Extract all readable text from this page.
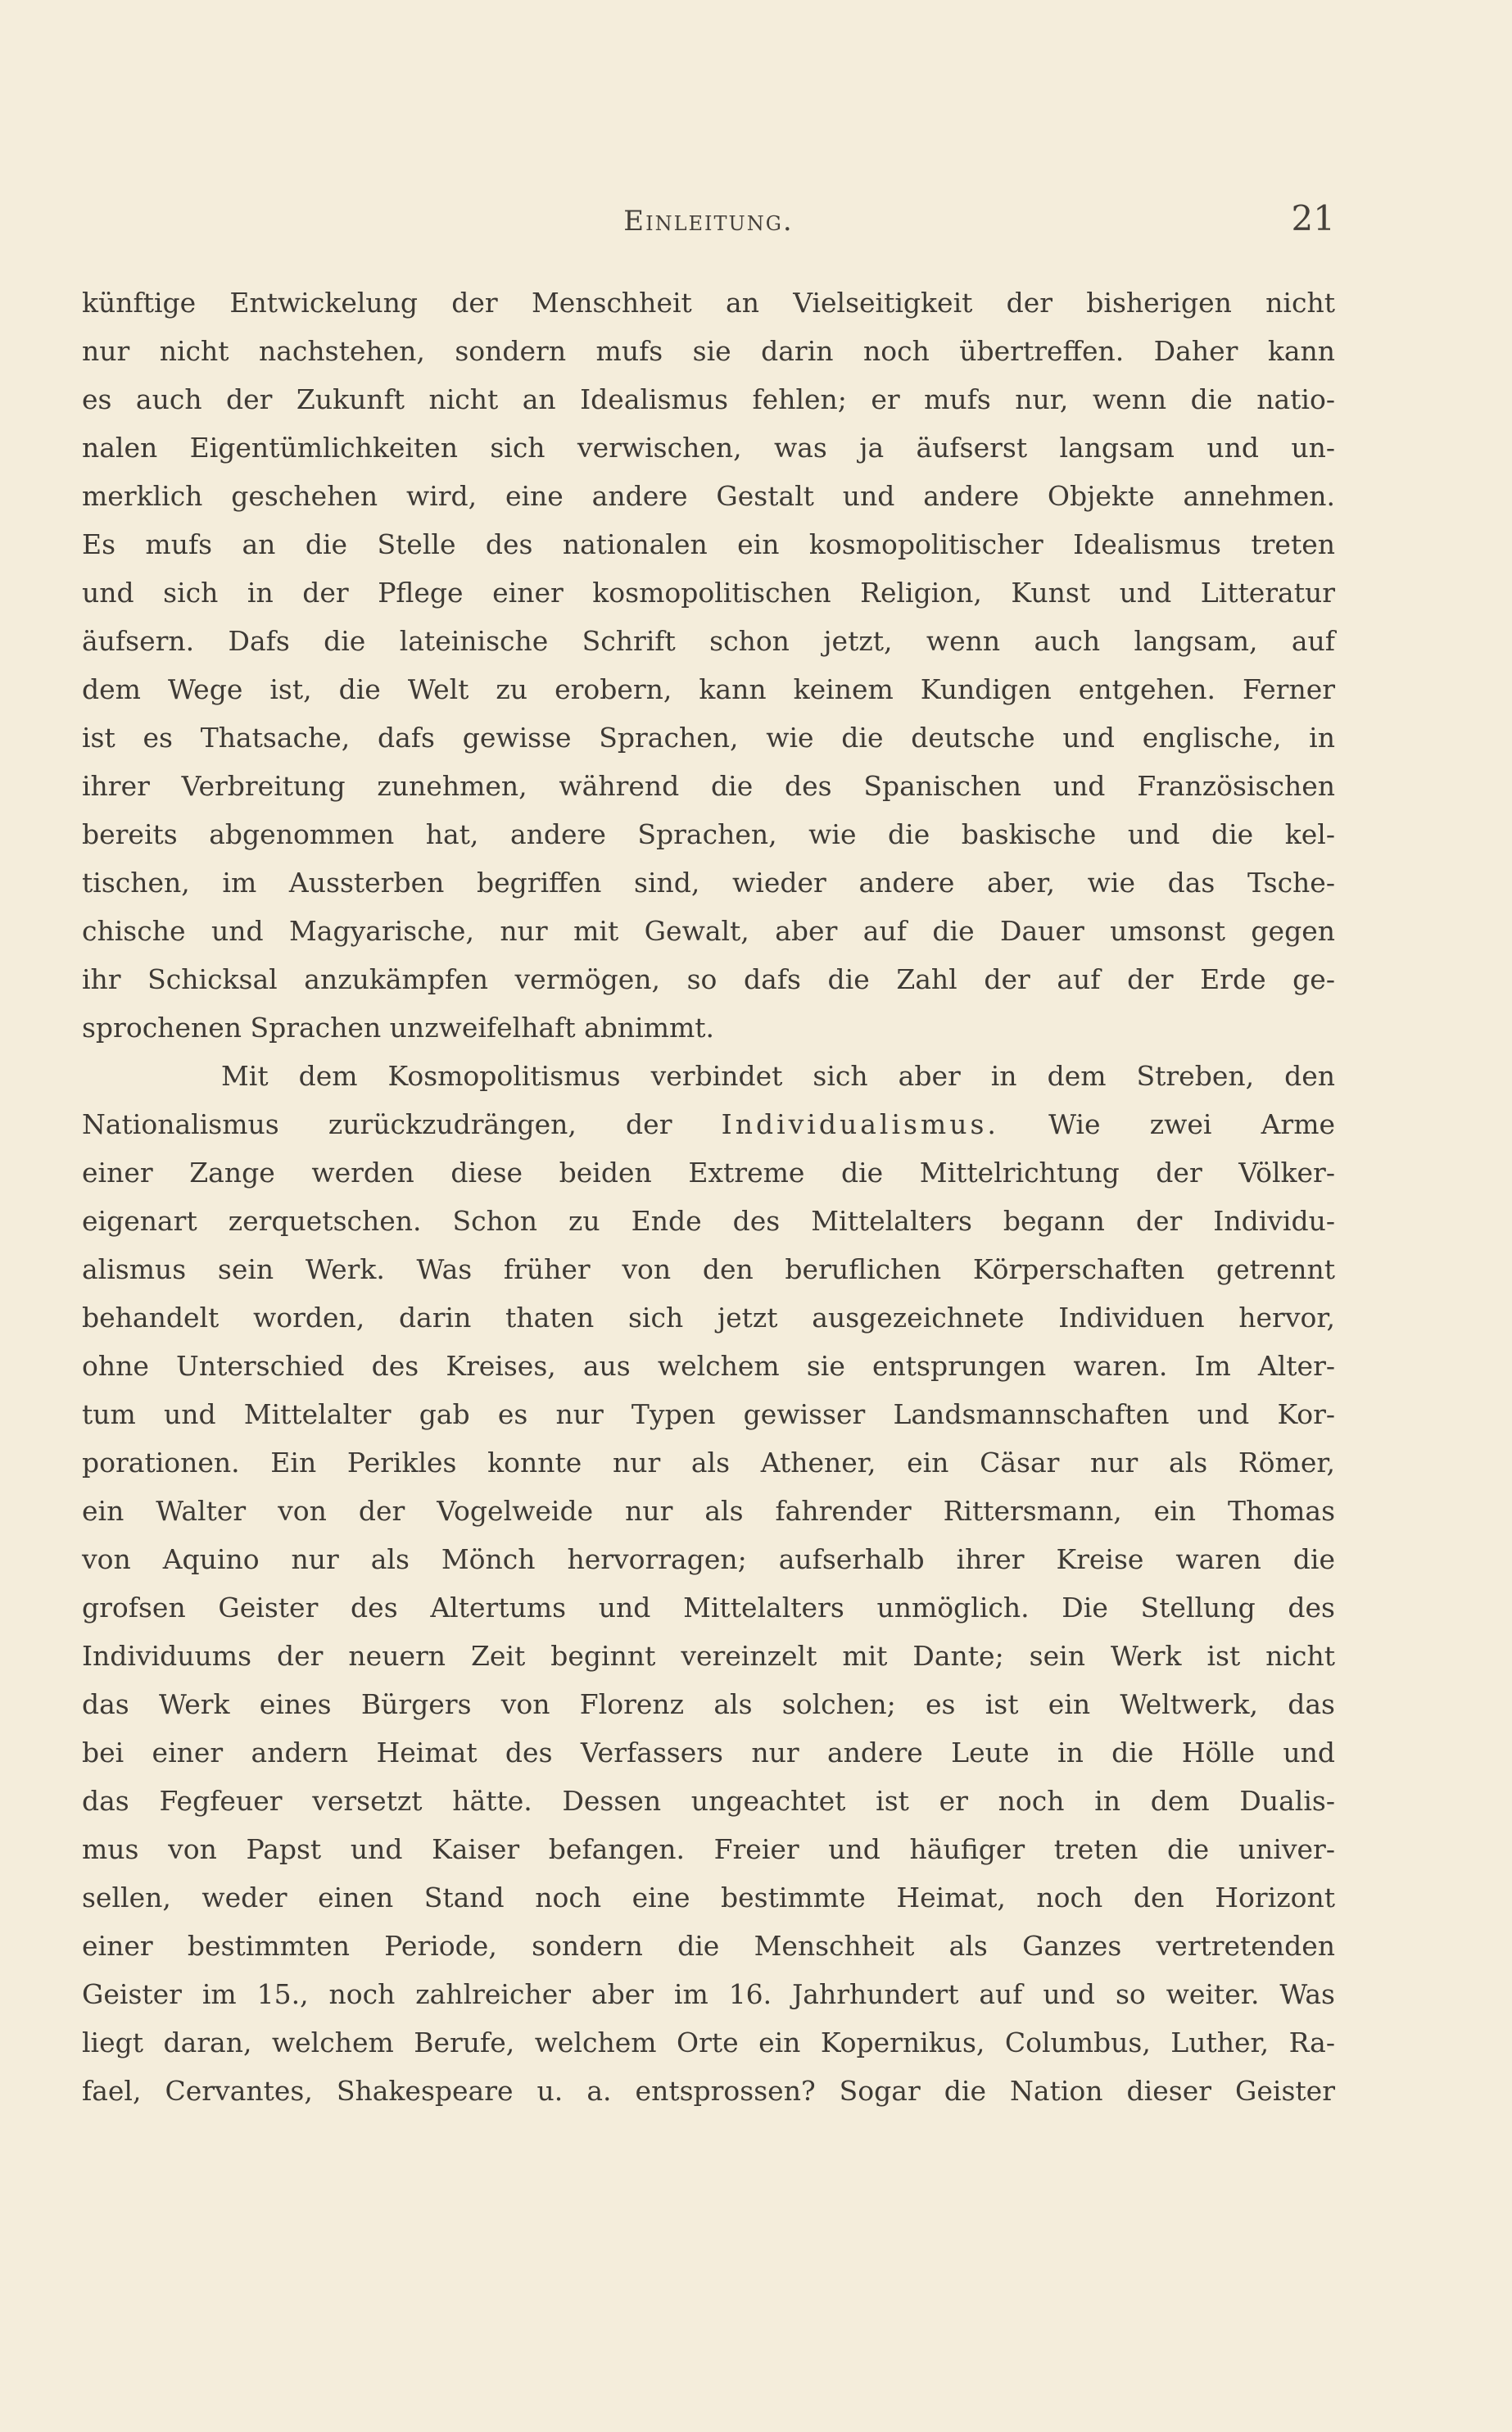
Einleitung.	21
künftige Entwickelung der Menschheit an Vielseitigkeit der bisherigen nicht
nur nicht nachstehen, sondern mufs sie darin noch übertreffen. Daher kann
es auch der Zukunft nicht an Idealismus fehlen; er mufs nur, wenn die natio-
nalen Eigentümlichkeiten sich verwischen, was ja äufserst langsam und un-
merklich geschehen wird, eine andere Gestalt und andere Objekte annehmen.
Es mufs an die Stelle des nationalen ein kosmopolitischer Idealismus treten
und sich in der Pflege einer kosmopolitischen Religion, Kunst und Litteratur
äufsern. Dafs die lateinische Schrift schon jetzt, wenn auch langsam, auf
dem Wege ist, die Welt zu erobern, kann keinem Kundigen entgehen. Ferner
ist es Thatsache, dafs gewisse Sprachen, wie die deutsche und englische, in
ihrer Verbreitung zunehmen, während die des Spanischen und Französischen
bereits abgenommen hat, andere Sprachen, wie die baskische und die kel-
tischen, im Aussterben begriffen sind, wieder andere aber, wie das Tsche-
chische und Magyarische, nur mit Gewalt, aber auf die Dauer umsonst gegen
ihr Schicksal anzukämpfen vermögen, so dafs die Zahl der auf der Erde ge-
sprochenen Sprachen unzweifelhaft abnimmt.
Mit dem Kosmopolitismus verbindet sich aber in dem Streben, den
Nationalismus zurückzudrängen, der Individualismus. Wie zwei Arme
einer Zange werden diese beiden Extreme die Mittelrichtung der Völker-
eigenart zerquetschen. Schon zu Ende des Mittelalters begann der Individu-
alismus sein Werk. Was früher von den beruflichen Körperschaften getrennt
behandelt worden, darin thaten sich jetzt ausgezeichnete Individuen hervor,
ohne Unterschied des Kreises, aus welchem sie entsprungen waren. Im Alter-
tum und Mittelalter gab es nur Typen gewisser Landsmannschaften und Kor-
porationen. Ein Perikles konnte nur als Athener, ein Cäsar nur als Römer,
ein Walter von der Vogelweide nur als fahrender Rittersmann, ein Thomas
von Aquino nur als Mönch hervorragen; aufserhalb ihrer Kreise waren die
grofsen Geister des Altertums und Mittelalters unmöglich. Die Stellung des
Individuums der neuern Zeit beginnt vereinzelt mit Dante; sein Werk ist nicht
das Werk eines Bürgers von Florenz als solchen; es ist ein Weltwerk, das
bei einer andern Heimat des Verfassers nur andere Leute in die Hölle und
das Fegfeuer versetzt hätte. Dessen ungeachtet ist er noch in dem Dualis-
mus von Papst und Kaiser befangen. Freier und häufiger treten die univer-
sellen, weder einen Stand noch eine bestimmte Heimat, noch den Horizont
einer bestimmten Periode, sondern die Menschheit als Ganzes vertretenden
Geister im 15., noch zahlreicher aber im 16. Jahrhundert auf und so weiter. Was
liegt daran, welchem Berufe, welchem Orte ein Kopernikus, Columbus, Luther, Ra-
fael, Cervantes, Shakespeare u. a. entsprossen? Sogar die Nation dieser Geister
